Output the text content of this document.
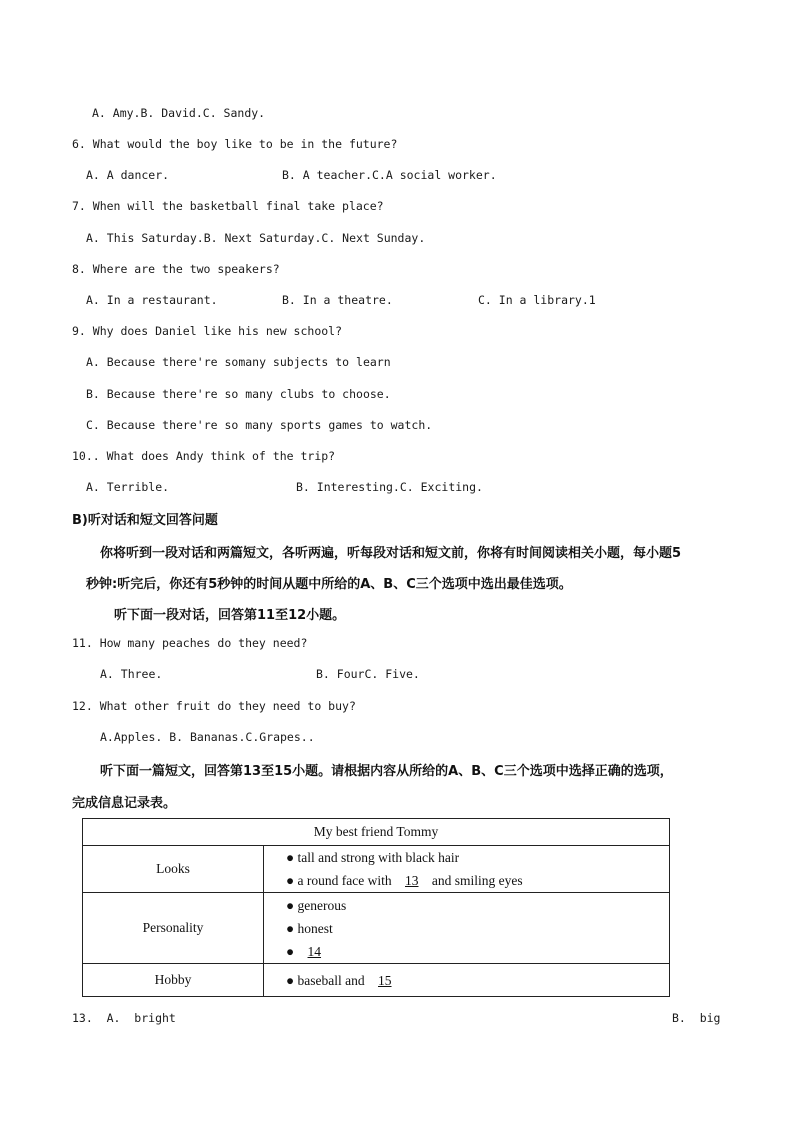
A. Amy.B. David.C. Sandy.
6. What would the boy like to be in the future?
A. A dancer.	B. A teacher.C.A social worker.
7. When will the basketball final take place?
A. This Saturday.B. Next Saturday.C. Next Sunday.
8. Where are the two speakers?
A. In a restaurant.	B. In a theatre.	C. In a library.1
9. Why does Daniel like his new school?
A. Because there're somany subjects to learn
B. Because there're so many clubs to choose.
C. Because there're so many sports games to watch.
10.. What does Andy think of the trip?
A. Terrible.	B. Interesting.C. Exciting.
B)听对话和短文回答问题
你将听到一段对话和两篇短文，各听两遍，听每段对话和短文前，你将有时间阅读相关小题，每小题5
秒钟:听完后，你还有5秒钟的时间从题中所给的A、B、C三个选项中选出最佳选项。
听下面一段对话，回答第11至12小题。
11. How many peaches do they need?
A. Three.	B. FourC. Five.
12. What other fruit do they need to buy?
A.Apples. B. Bananas.C.Grapes..
听下面一篇短文，回答第13至15小题。请根据内容从所给的A、B、C三个选项中选择正确的选项，
完成信息记录表。
My best friend Tommy	
Looks	● tall and strong with black hair
● a round face with 13 and smiling eyes

Personality	● generous
● honest
● 14

Hobby	● baseball and 15
13.  A.  bright	B.  big
